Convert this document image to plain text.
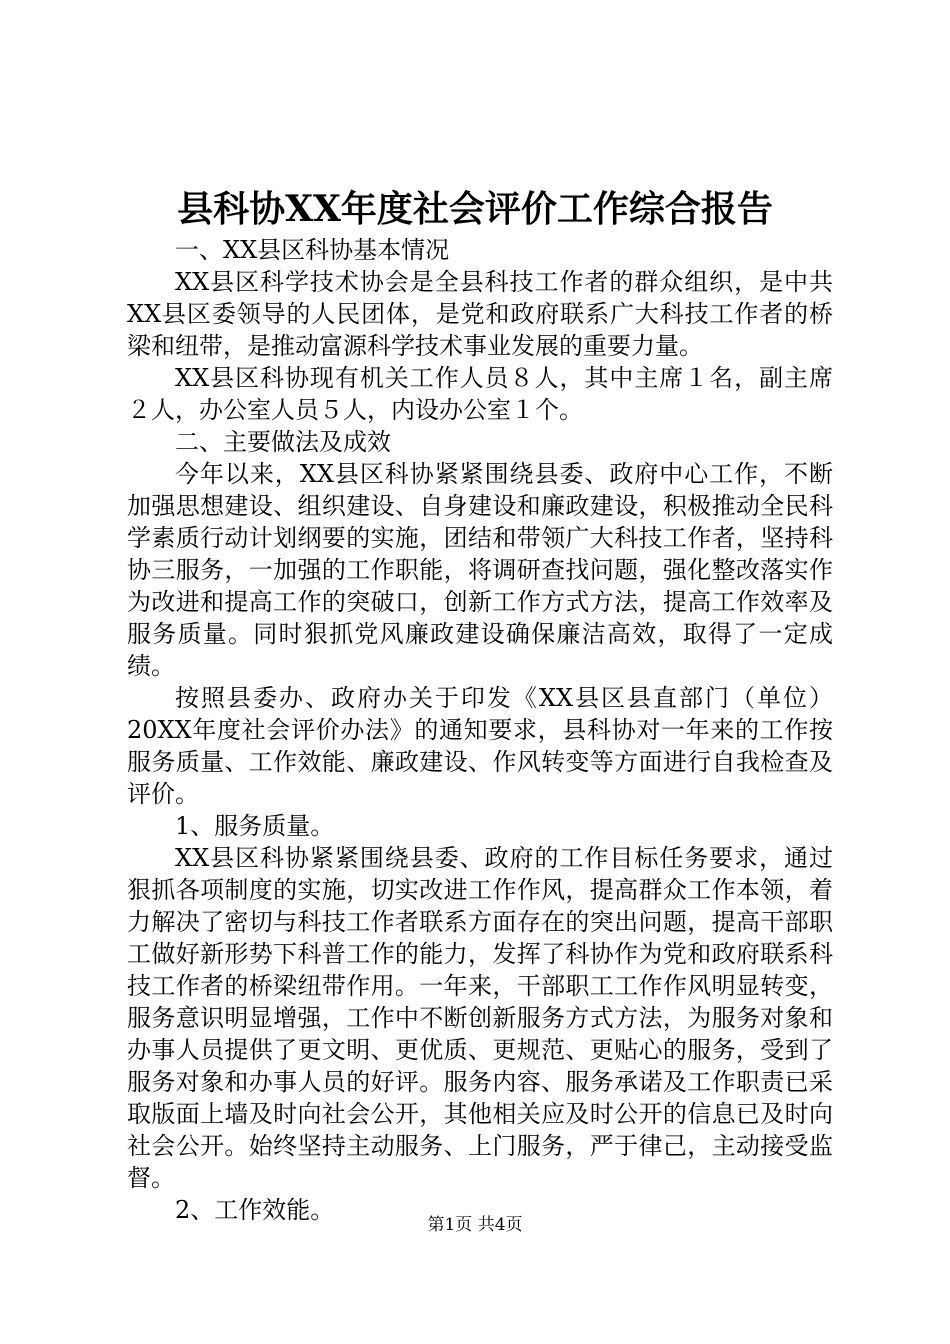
县科协XX年度社会评价工作综合报告

一、XX县区科协基本情况

XX县区科学技术协会是全县科技工作者的群众组织，是中共XX县区委领导的人民团体，是党和政府联系广大科技工作者的桥梁和纽带，是推动富源科学技术事业发展的重要力量。

XX县区科协现有机关工作人员８人，其中主席１名，副主席２人，办公室人员５人，内设办公室１个。

二、主要做法及成效

今年以来，XX县区科协紧紧围绕县委、政府中心工作，不断加强思想建设、组织建设、自身建设和廉政建设，积极推动全民科学素质行动计划纲要的实施，团结和带领广大科技工作者，坚持科协三服务，一加强的工作职能，将调研查找问题，强化整改落实作为改进和提高工作的突破口，创新工作方式方法，提高工作效率及服务质量。同时狠抓党风廉政建设确保廉洁高效，取得了一定成绩。

按照县委办、政府办关于印发《XX县区县直部门（单位）20XX年度社会评价办法》的通知要求，县科协对一年来的工作按服务质量、工作效能、廉政建设、作风转变等方面进行自我检查及评价。

1、服务质量。

XX县区科协紧紧围绕县委、政府的工作目标任务要求，通过狠抓各项制度的实施，切实改进工作作风，提高群众工作本领，着力解决了密切与科技工作者联系方面存在的突出问题，提高干部职工做好新形势下科普工作的能力，发挥了科协作为党和政府联系科技工作者的桥梁纽带作用。一年来，干部职工工作作风明显转变，服务意识明显增强，工作中不断创新服务方式方法，为服务对象和办事人员提供了更文明、更优质、更规范、更贴心的服务，受到了服务对象和办事人员的好评。服务内容、服务承诺及工作职责已采取版面上墙及时向社会公开，其他相关应及时公开的信息已及时向社会公开。始终坚持主动服务、上门服务，严于律己，主动接受监督。

2、工作效能。

第1页 共4页
